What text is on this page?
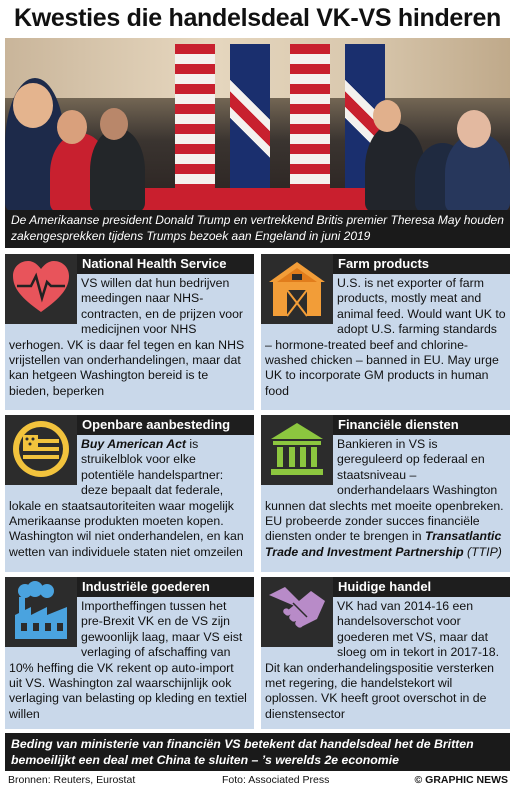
Kwesties die handelsdeal VK-VS hinderen
De Amerikaanse president Donald Trump en vertrekkend Britis premier Theresa May houden zakengesprekken tijdens Trumps bezoek aan Engeland in juni 2019
National Health Service
VS willen dat hun bedrijven meedingen naar NHS-contracten, en de prijzen voor medicijnen voor NHS verhogen. VK is daar fel tegen en kan NHS vrijstellen van onderhandelingen, maar dat kan hetgeen Washington bereid is te bieden, beperken
Farm products
U.S. is net exporter of farm products, mostly meat and animal feed. Would want UK to adopt U.S. farming standards – hormone-treated beef and chlorine-washed chicken – banned in EU. May urge UK to incorporate GM products in human food
Openbare aanbesteding
Buy American Act is struikelblok voor elke potentiële handelspartner: deze bepaalt dat federale, lokale en staatsautoriteiten waar mogelijk Amerikaanse produkten moeten kopen. Washington wil niet onderhandelen, en kan wetten van individuele staten niet omzeilen
Financiële diensten
Bankieren in VS is gereguleerd op federaal en staatsniveau – onderhandelaars Washington kunnen dat slechts met moeite openbreken. EU probeerde zonder succes financiële diensten onder te brengen in Transatlantic Trade and Investment Partnership (TTIP)
Industriële goederen
Importheffingen tussen het pre-Brexit VK en de VS zijn gewoonlijk laag, maar VS eist verlaging of afschaffing van 10% heffing die VK rekent op auto-import uit VS. Washington zal waarschijnlijk ook verlaging van belasting op kleding en textiel willen
Huidige handel
VK had van 2014-16 een handelsoverschot voor goederen met VS, maar dat sloeg om in tekort in 2017-18. Dit kan onderhandelingspositie versterken met regering, die handelstekort wil oplossen. VK heeft groot overschot in de dienstensector
Beding van ministerie van financiën VS betekent dat handelsdeal het de Britten bemoeilijkt een deal met China te sluiten – ’s werelds 2e economie
Bronnen: Reuters, Eurostat	Foto: Associated Press	© GRAPHIC NEWS
